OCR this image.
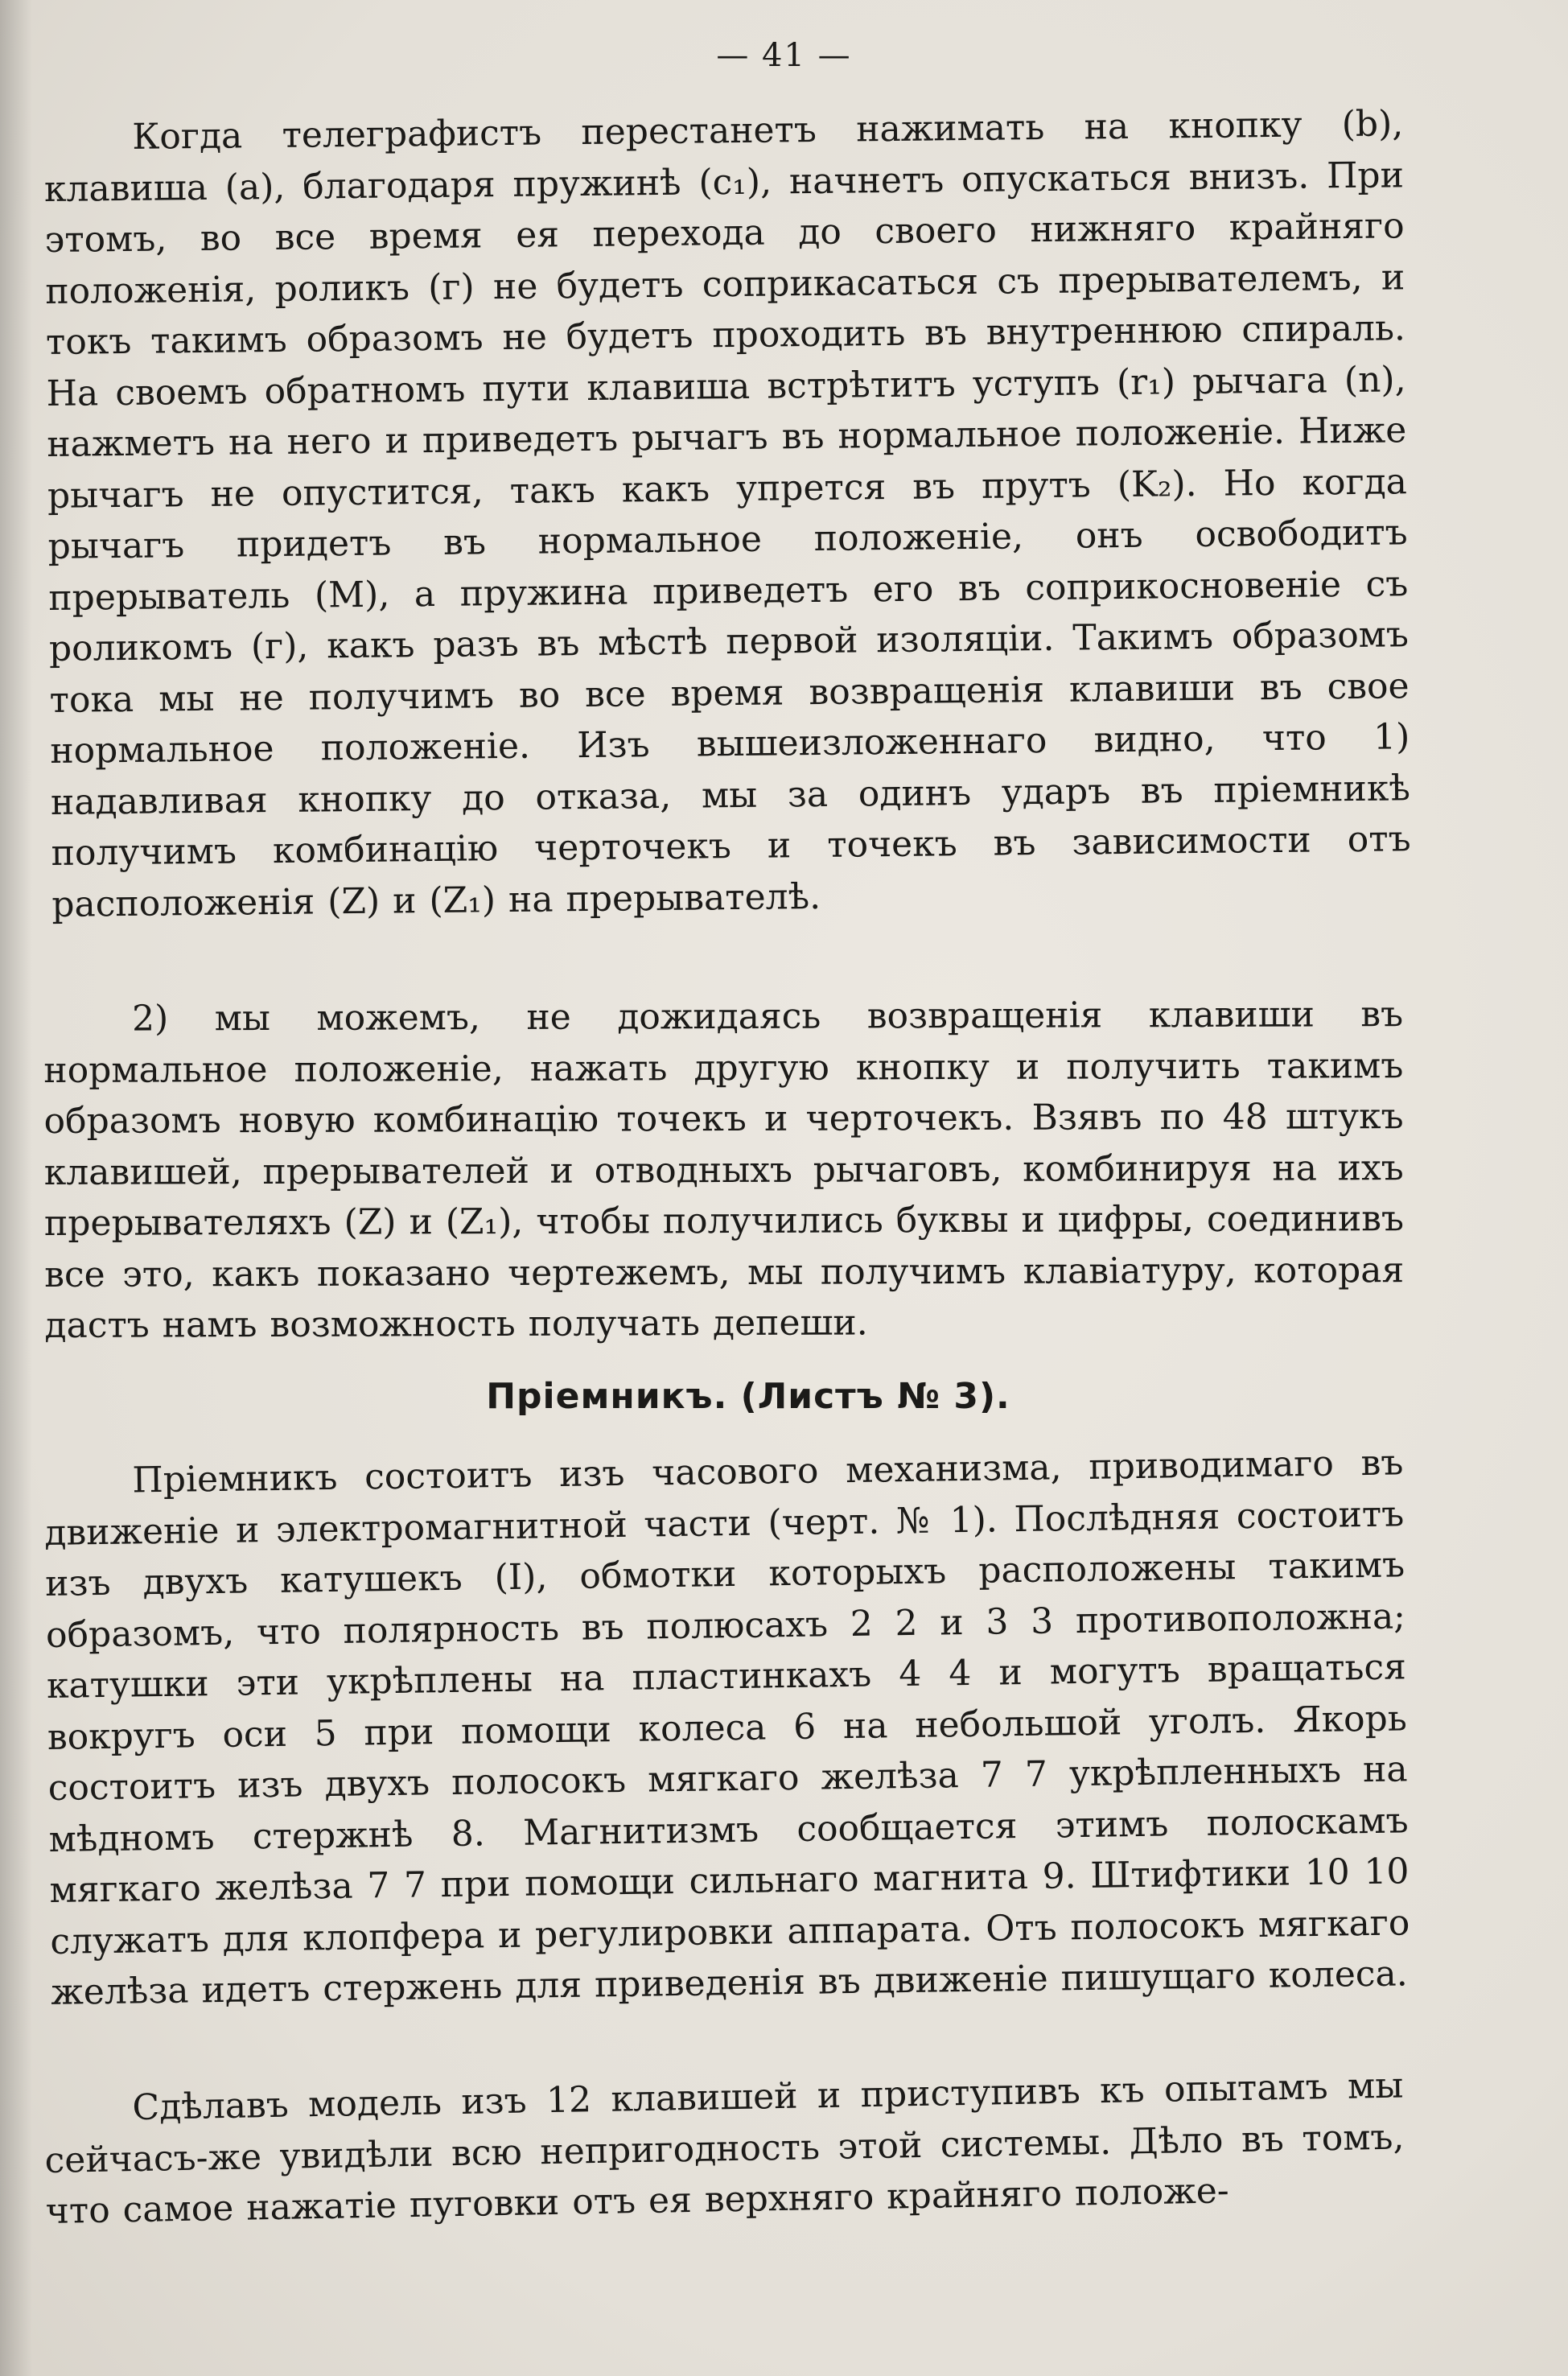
— 41 —

Когда телеграфистъ перестанетъ нажимать на кнопку (b), клавиша (а), благодаря пружинѣ (c₁), начнетъ опускаться внизъ. При этомъ, во все время ея перехода до своего нижняго крайняго положенія, роликъ (г) не будетъ соприкасаться съ прерывателемъ, и токъ такимъ образомъ не будетъ проходить въ внутреннюю спираль. На своемъ обратномъ пути клавиша встрѣтитъ уступъ (r₁) рычага (n), нажметъ на него и приведетъ рычагъ въ нормальное положеніе. Ниже рычагъ не опустится, такъ какъ упрется въ прутъ (K₂). Но когда рычагъ придетъ въ нормальное положеніе, онъ освободитъ прерыватель (M), а пружина приведетъ его въ соприкосновеніе съ роликомъ (г), какъ разъ въ мѣстѣ первой изоляціи. Такимъ образомъ тока мы не получимъ во все время возвращенія клавиши въ свое нормальное положеніе. Изъ вышеизложеннаго видно, что 1) надавливая кнопку до отказа, мы за одинъ ударъ въ пріемникѣ получимъ комбинацію черточекъ и точекъ въ зависимости отъ расположенія (Z) и (Z₁) на прерывателѣ.

2) мы можемъ, не дожидаясь возвращенія клавиши въ нормальное положеніе, нажать другую кнопку и получить такимъ образомъ новую комбинацію точекъ и черточекъ. Взявъ по 48 штукъ клавишей, прерывателей и отводныхъ рычаговъ, комбинируя на ихъ прерывателяхъ (Z) и (Z₁), чтобы получились буквы и цифры, соединивъ все это, какъ показано чертежемъ, мы получимъ клавіатуру, которая дастъ намъ возможность получать депеши.

Пріемникъ. (Листъ № 3).

Пріемникъ состоитъ изъ часового механизма, приводимаго въ движеніе и электромагнитной части (черт. № 1). Послѣдняя состоитъ изъ двухъ катушекъ (I), обмотки которыхъ расположены такимъ образомъ, что полярность въ полюсахъ 2 2 и 3 3 противоположна; катушки эти укрѣплены на пластинкахъ 4 4 и могутъ вращаться вокругъ оси 5 при помощи колеса 6 на небольшой уголъ. Якорь состоитъ изъ двухъ полосокъ мягкаго желѣза 7 7 укрѣпленныхъ на мѣдномъ стержнѣ 8. Магнитизмъ сообщается этимъ полоскамъ мягкаго желѣза 7 7 при помощи сильнаго магнита 9. Штифтики 10 10 служатъ для клопфера и регулировки аппарата. Отъ полосокъ мягкаго желѣза идетъ стержень для приведенія въ движеніе пишущаго колеса.

Сдѣлавъ модель изъ 12 клавишей и приступивъ къ опытамъ мы сейчасъ-же увидѣли всю непригодность этой системы. Дѣло въ томъ, что самое нажатіе пуговки отъ ея верхняго крайняго положе-
